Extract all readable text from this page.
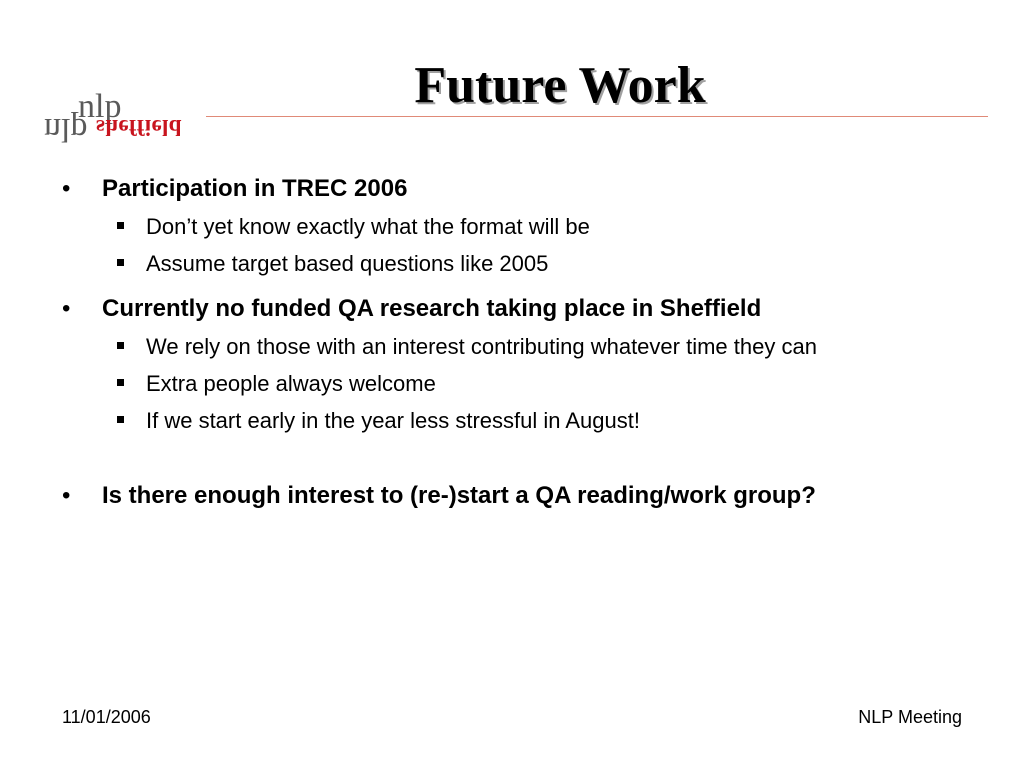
nlp
nlp sheffield
Future Work
• Participation in TREC 2006
Don’t yet know exactly what the format will be
Assume target based questions like 2005
• Currently no funded QA research taking place in Sheffield
We rely on those with an interest contributing whatever time they can
Extra people always welcome
If we start early in the year less stressful in August!
• Is there enough interest to (re-)start a QA reading/work group?
11/01/2006	NLP Meeting
